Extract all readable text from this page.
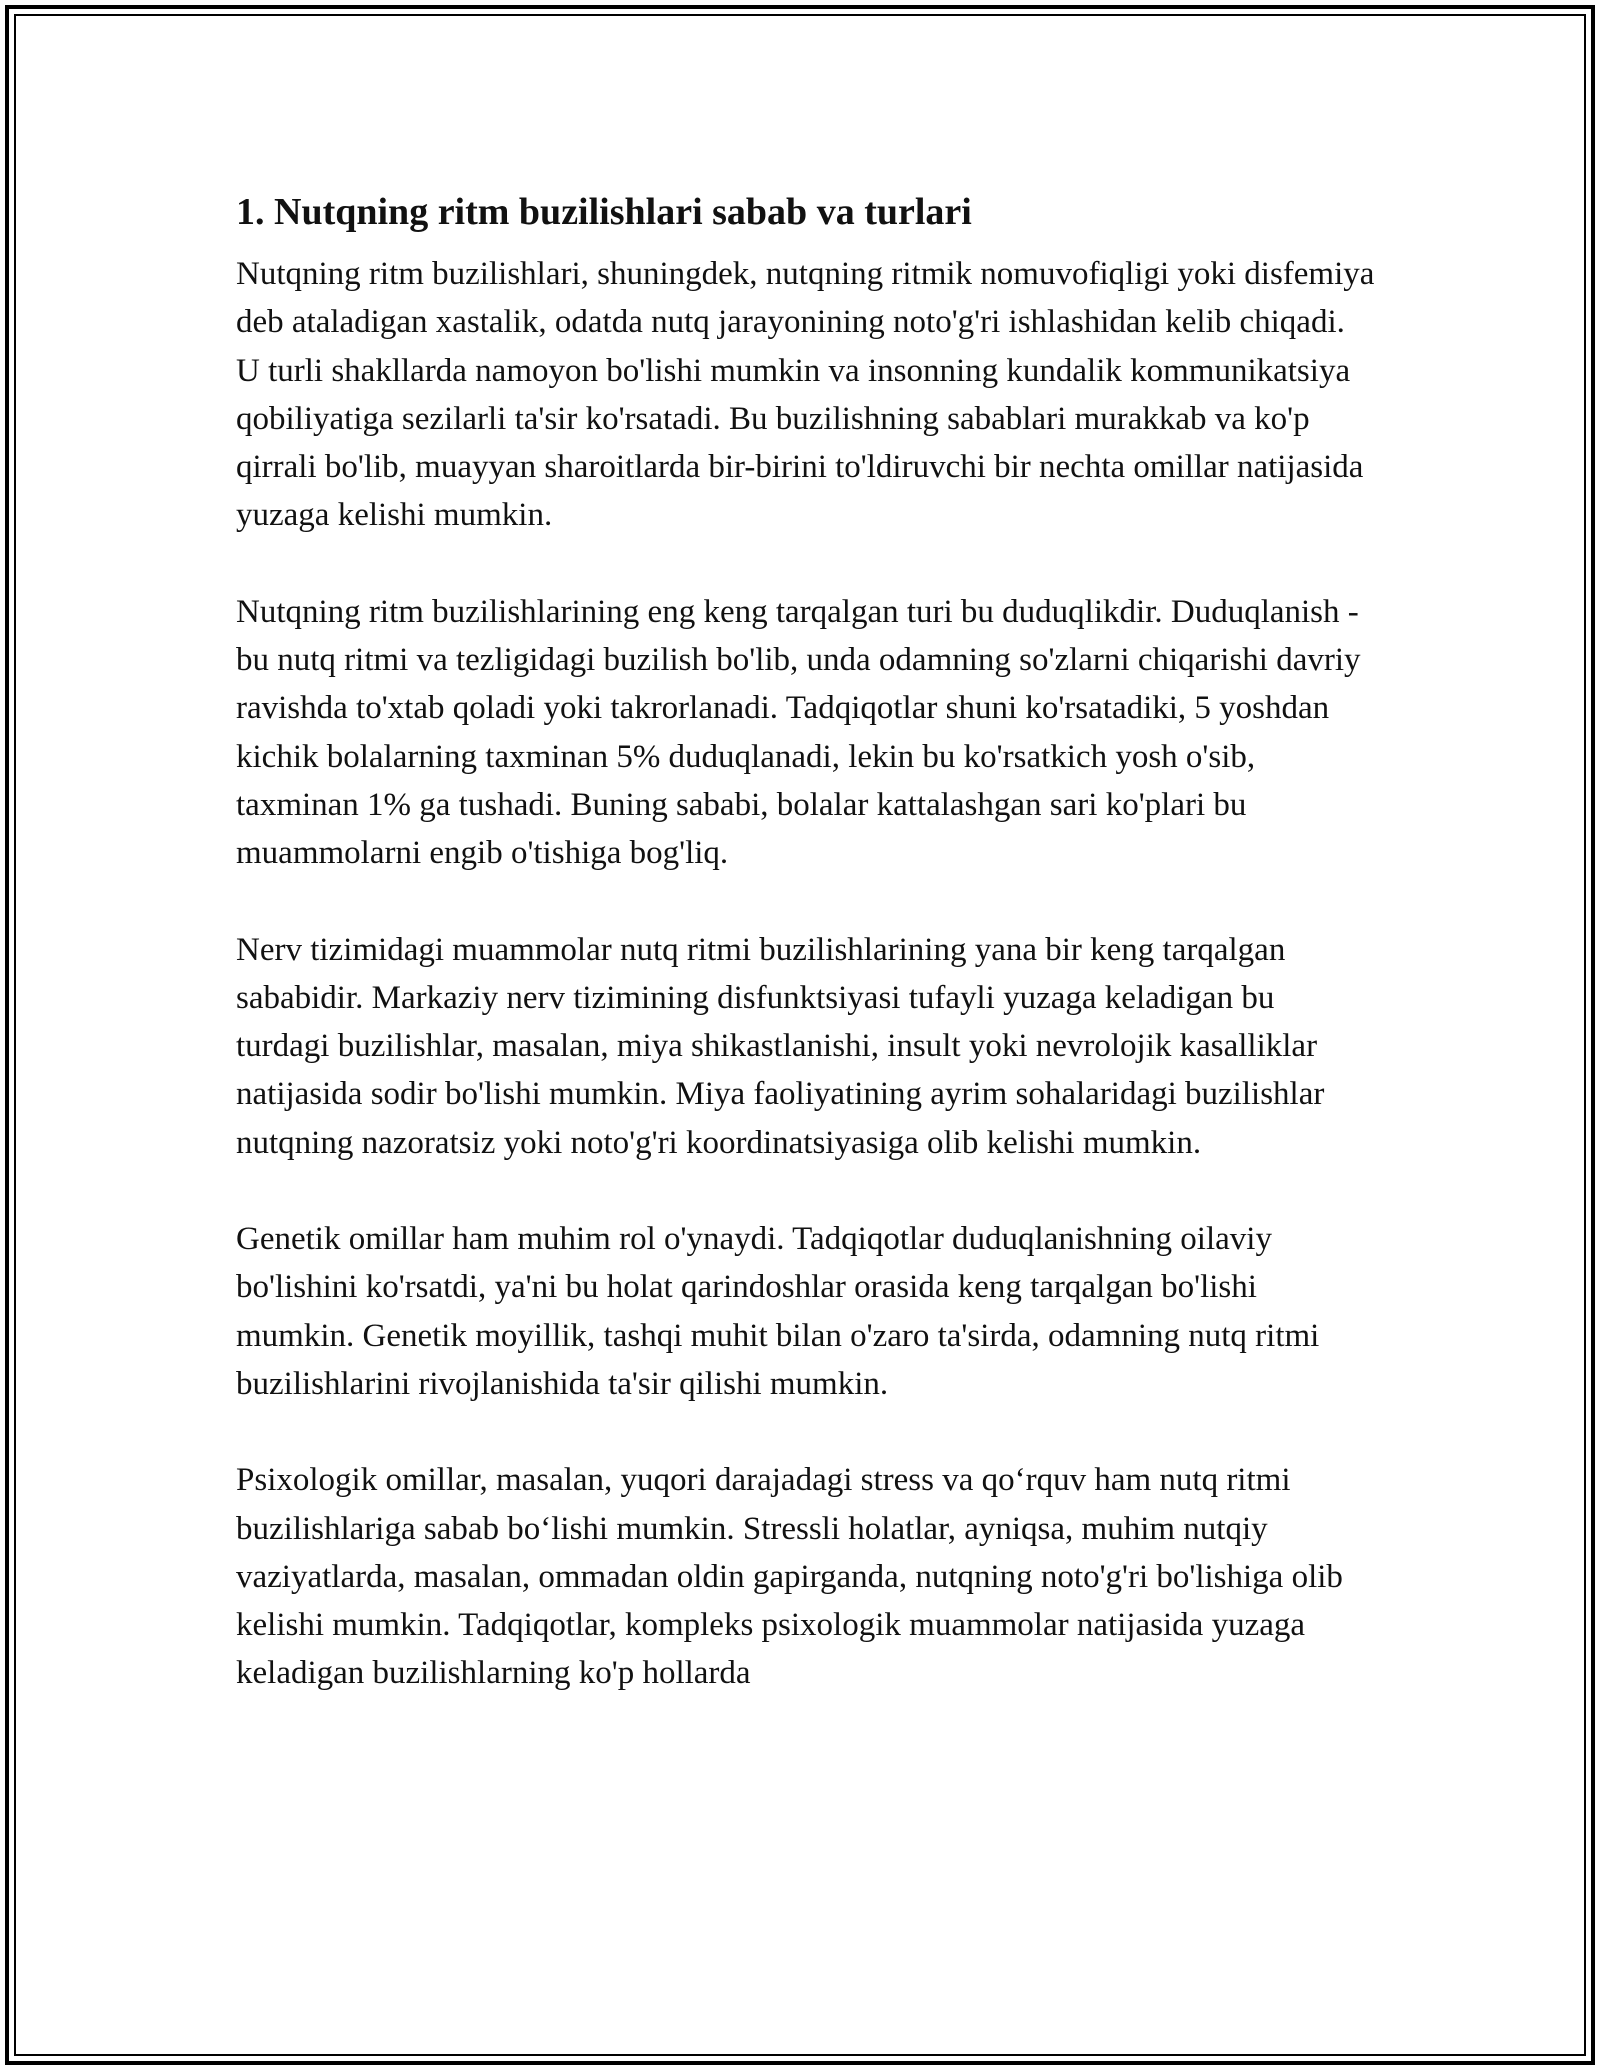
1. Nutqning ritm buzilishlari sabab va turlari

Nutqning ritm buzilishlari, shuningdek, nutqning ritmik nomuvofiqligi yoki disfemiya deb ataladigan xastalik, odatda nutq jarayonining noto'g'ri ishlashidan kelib chiqadi. U turli shakllarda namoyon bo'lishi mumkin va insonning kundalik kommunikatsiya qobiliyatiga sezilarli ta'sir ko'rsatadi. Bu buzilishning sabablari murakkab va ko'p qirrali bo'lib, muayyan sharoitlarda bir-birini to'ldiruvchi bir nechta omillar natijasida yuzaga kelishi mumkin.

Nutqning ritm buzilishlarining eng keng tarqalgan turi bu duduqlikdir. Duduqlanish - bu nutq ritmi va tezligidagi buzilish bo'lib, unda odamning so'zlarni chiqarishi davriy ravishda to'xtab qoladi yoki takrorlanadi. Tadqiqotlar shuni ko'rsatadiki, 5 yoshdan kichik bolalarning taxminan 5% duduqlanadi, lekin bu ko'rsatkich yosh o'sib, taxminan 1% ga tushadi. Buning sababi, bolalar kattalashgan sari ko'plari bu muammolarni engib o'tishiga bog'liq.

Nerv tizimidagi muammolar nutq ritmi buzilishlarining yana bir keng tarqalgan sababidir. Markaziy nerv tizimining disfunktsiyasi tufayli yuzaga keladigan bu turdagi buzilishlar, masalan, miya shikastlanishi, insult yoki nevrolojik kasalliklar natijasida sodir bo'lishi mumkin. Miya faoliyatining ayrim sohalaridagi buzilishlar nutqning nazoratsiz yoki noto'g'ri koordinatsiyasiga olib kelishi mumkin.

Genetik omillar ham muhim rol o'ynaydi. Tadqiqotlar duduqlanishning oilaviy bo'lishini ko'rsatdi, ya'ni bu holat qarindoshlar orasida keng tarqalgan bo'lishi mumkin. Genetik moyillik, tashqi muhit bilan o'zaro ta'sirda, odamning nutq ritmi buzilishlarini rivojlanishida ta'sir qilishi mumkin.

Psixologik omillar, masalan, yuqori darajadagi stress va qo‘rquv ham nutq ritmi buzilishlariga sabab bo‘lishi mumkin. Stressli holatlar, ayniqsa, muhim nutqiy vaziyatlarda, masalan, ommadan oldin gapirganda, nutqning noto'g'ri bo'lishiga olib kelishi mumkin. Tadqiqotlar, kompleks psixologik muammolar natijasida yuzaga keladigan buzilishlarning ko'p hollarda
